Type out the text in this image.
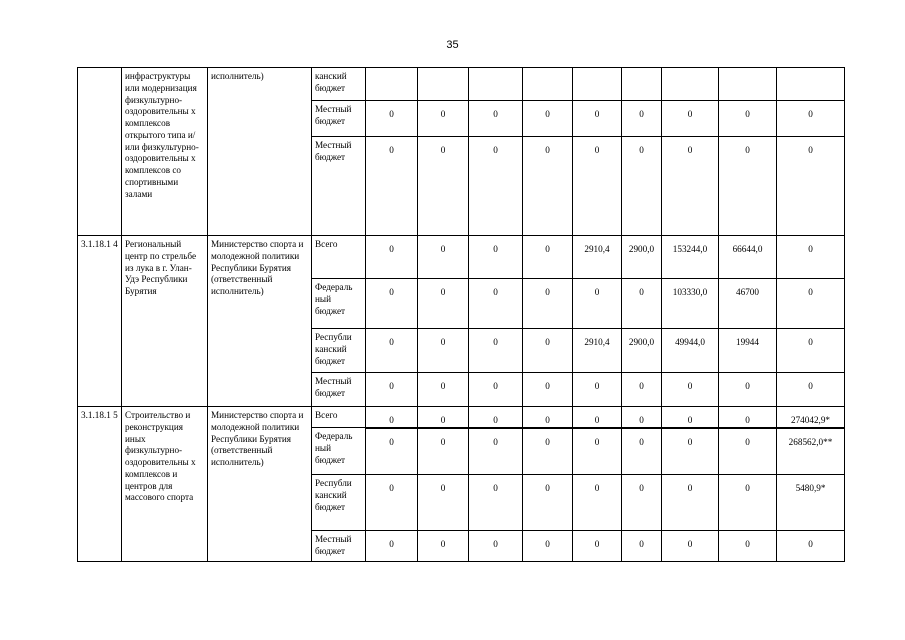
35
	инфраструктуры или модернизация физкультурно-оздоровительны х комплексов открытого типа и/или физкультурно-оздоровительны х комплексов со спортивными залами	исполнитель)	канский бюджет									
			Местный бюджет	0	0	0	0	0	0	0	0	0
			Местный бюджет	0	0	0	0	0	0	0	0	0
3.1.18.1 4	Региональный центр по стрельбе из лука в г. Улан-Удэ Республики Бурятия	Министерство спорта и молодежной политики Республики Бурятия (ответственный исполнитель)	Всего	0	0	0	0	2910,4	2900,0	153244,0	66644,0	0
			Федераль ный бюджет	0	0	0	0	0	0	103330,0	46700	0
			Республи канский бюджет	0	0	0	0	2910,4	2900,0	49944,0	19944	0
			Местный бюджет	0	0	0	0	0	0	0	0	0
3.1.18.1 5	Строительство и реконструкция иных физкультурно-оздоровительны х комплексов и центров для массового спорта	Министерство спорта и молодежной политики Республики Бурятия (ответственный исполнитель)	Всего	0	0	0	0	0	0	0	0	274042,9*
			Федераль ный бюджет	0	0	0	0	0	0	0	0	268562,0**
			Республи канский бюджет	0	0	0	0	0	0	0	0	5480,9*
			Местный бюджет	0	0	0	0	0	0	0	0	0
